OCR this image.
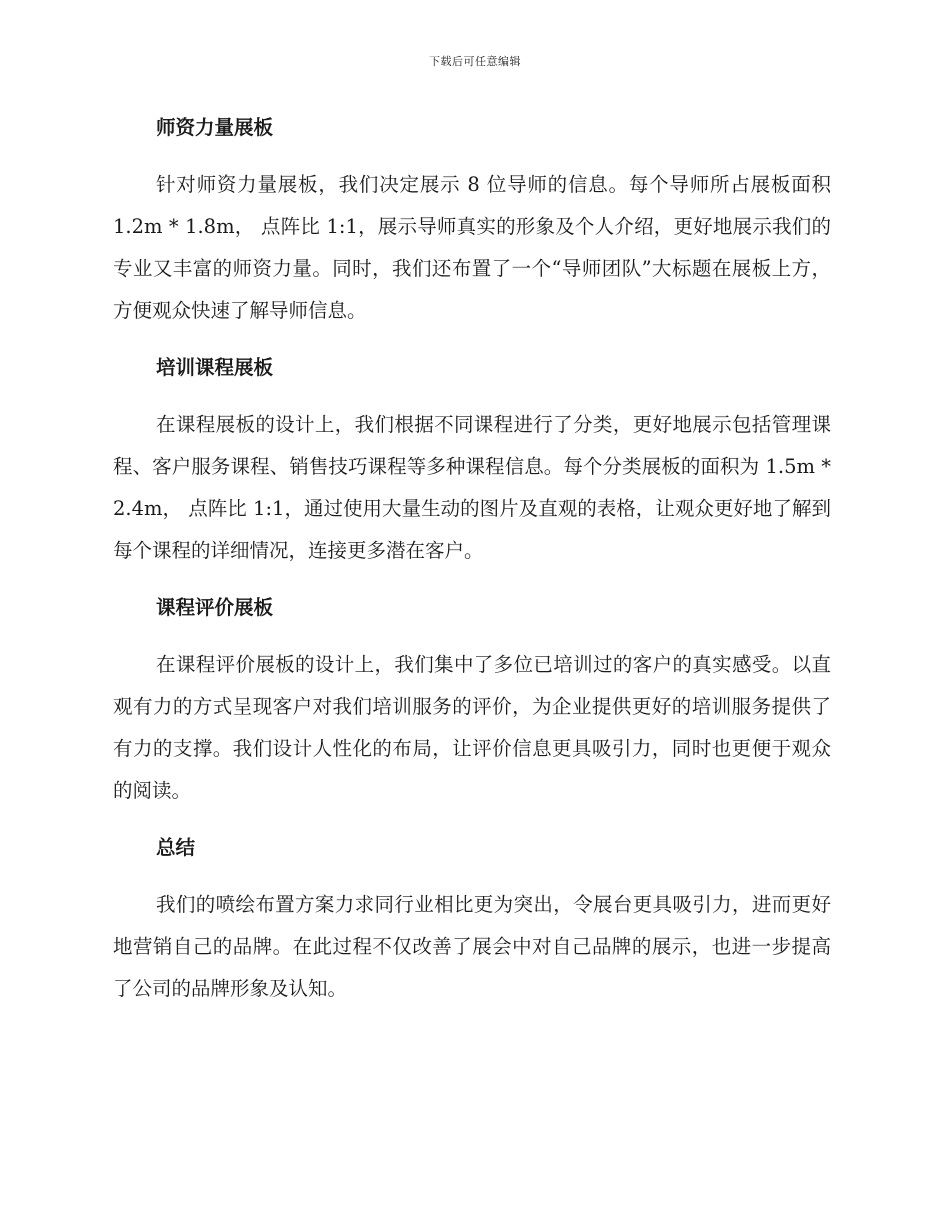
下载后可任意编辑
师资力量展板

针对师资力量展板，我们决定展示 8 位导师的信息。每个导师所占展板面积 1.2m * 1.8m， 点阵比 1:1，展示导师真实的形象及个人介绍，更好地展示我们的专业又丰富的师资力量。同时，我们还布置了一个“导师团队”大标题在展板上方，方便观众快速了解导师信息。

培训课程展板

在课程展板的设计上，我们根据不同课程进行了分类，更好地展示包括管理课程、客户服务课程、销售技巧课程等多种课程信息。每个分类展板的面积为 1.5m * 2.4m， 点阵比 1:1，通过使用大量生动的图片及直观的表格，让观众更好地了解到每个课程的详细情况，连接更多潜在客户。

课程评价展板

在课程评价展板的设计上，我们集中了多位已培训过的客户的真实感受。以直观有力的方式呈现客户对我们培训服务的评价，为企业提供更好的培训服务提供了有力的支撑。我们设计人性化的布局，让评价信息更具吸引力，同时也更便于观众的阅读。

总结

我们的喷绘布置方案力求同行业相比更为突出，令展台更具吸引力，进而更好地营销自己的品牌。在此过程不仅改善了展会中对自己品牌的展示，也进一步提高了公司的品牌形象及认知。
